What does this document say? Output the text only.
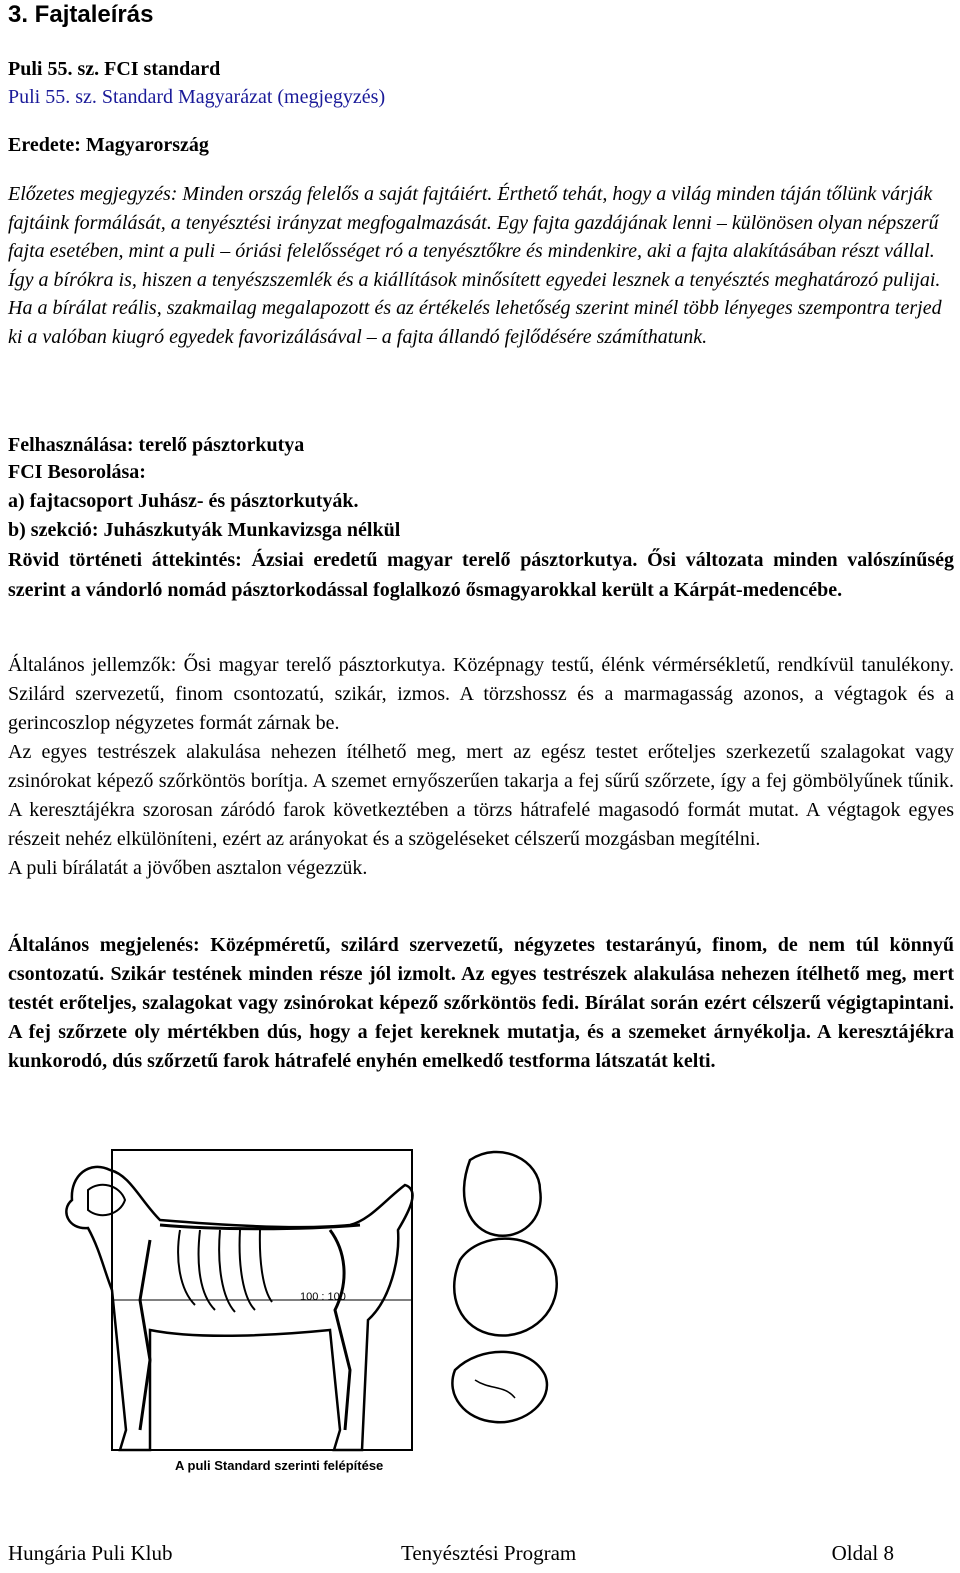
3. Fajtaleírás
Puli 55. sz. FCI standard
Puli 55. sz. Standard Magyarázat (megjegyzés)
Eredete: Magyarország
Előzetes megjegyzés: Minden ország felelős a saját fajtáiért. Érthető tehát, hogy a világ minden táján tőlünk várják fajtáink formálását, a tenyésztési irányzat megfogalmazását. Egy fajta gazdájának lenni – különösen olyan népszerű fajta esetében, mint a puli – óriási felelősséget ró a tenyésztőkre és mindenkire, aki a fajta alakításában részt vállal. Így a bírókra is, hiszen a tenyészszemlék és a kiállítások minősített egyedei lesznek a tenyésztés meghatározó pulijai. Ha a bírálat reális, szakmailag megalapozott és az értékelés lehetőség szerint minél több lényeges szempontra terjed ki a valóban kiugró egyedek favorizálásával – a fajta állandó fejlődésére számíthatunk.
Felhasználása: terelő pásztorkutya
FCI Besorolása:
a) fajtacsoport Juhász- és pásztorkutyák.
b) szekció: Juhászkutyák Munkavizsga nélkül
Rövid történeti áttekintés: Ázsiai eredetű magyar terelő pásztorkutya. Ősi változata minden valószínűség szerint a vándorló nomád pásztorkodással foglalkozó ősmagyarokkal került a Kárpát-medencébe.

Általános jellemzők: Ősi magyar terelő pásztorkutya. Középnagy testű, élénk vérmérsékletű, rendkívül tanulékony. Szilárd szervezetű, finom csontozatú, szikár, izmos. A törzshossz és a marmagasság azonos, a végtagok és a gerincoszlop négyzetes formát zárnak be.

Az egyes testrészek alakulása nehezen ítélhető meg, mert az egész testet erőteljes szerkezetű szalagokat vagy zsinórokat képező szőrköntös borítja. A szemet ernyőszerűen takarja a fej sűrű szőrzete, így a fej gömbölyűnek tűnik. A keresztájékra szorosan záródó farok következtében a törzs hátrafelé magasodó formát mutat. A végtagok egyes részeit nehéz elkülöníteni, ezért az arányokat és a szögeléseket célszerű mozgásban megítélni.

A puli bírálatát a jövőben asztalon végezzük.

Általános megjelenés: Középméretű, szilárd szervezetű, négyzetes testarányú, finom, de nem túl könnyű csontozatú. Szikár testének minden része jól izmolt. Az egyes testrészek alakulása nehezen ítélhető meg, mert testét erőteljes, szalagokat vagy zsinórokat képező szőrköntös fedi. Bírálat során ezért célszerű végigtapintani. A fej szőrzete oly mértékben dús, hogy a fejet kereknek mutatja, és a szemeket árnyékolja. A keresztájékra kunkorodó, dús szőrzetű farok hátrafelé enyhén emelkedő testforma látszatát kelti.
100 : 100
A puli Standard szerinti felépítése
Hungária Puli Klub	Tenyésztési Program	Oldal 8
